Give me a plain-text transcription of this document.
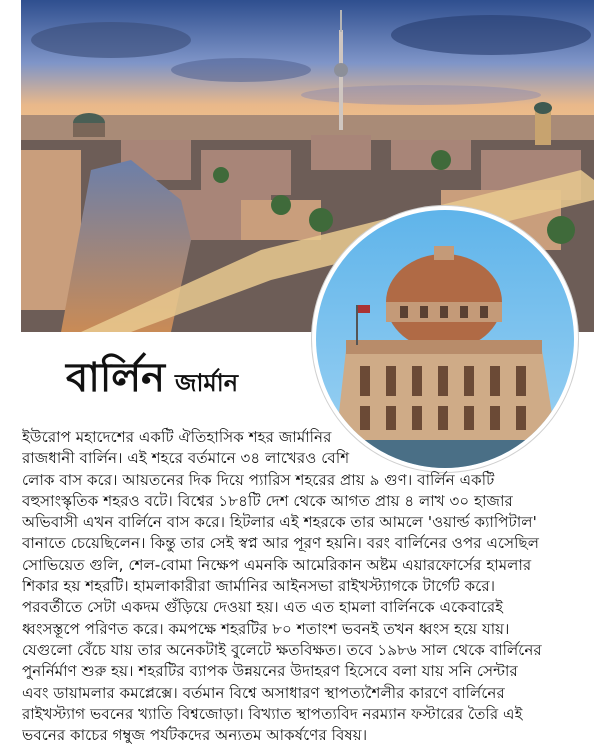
বার্লিন জার্মান
ইউরোপ মহাদেশের একটি ঐতিহাসিক শহর জার্মানির
রাজধানী বার্লিন। এই শহরে বর্তমানে ৩৪ লাখেরও বেশি
লোক বাস করে। আয়তনের দিক দিয়ে প্যারিস শহরের প্রায় ৯ গুণ। বার্লিন একটি
বহুসাংস্কৃতিক শহরও বটে। বিশ্বের ১৮৪টি দেশ থেকে আগত প্রায় ৪ লাখ ৩০ হাজার
অভিবাসী এখন বার্লিনে বাস করে। হিটলার এই শহরকে তার আমলে 'ওয়ার্ল্ড ক্যাপিটাল'
বানাতে চেয়েছিলেন। কিন্তু তার সেই স্বপ্ন আর পূরণ হয়নি। বরং বার্লিনের ওপর এসেছিল
সোভিয়েত গুলি, শেল-বোমা নিক্ষেপ এমনকি আমেরিকান অষ্টম এয়ারফোর্সের হামলার
শিকার হয় শহরটি। হামলাকারীরা জার্মানির আইনসভা রাইখস্ট্যাগকে টার্গেট করে।
পরবর্তীতে সেটা একদম গুঁড়িয়ে দেওয়া হয়। এত এত হামলা বার্লিনকে একেবারেই
ধ্বংসস্তূপে পরিণত করে। কমপক্ষে শহরটির ৮০ শতাংশ ভবনই তখন ধ্বংস হয়ে যায়।
যেগুলো বেঁচে যায় তার অনেকটাই বুলেটে ক্ষতবিক্ষত। তবে ১৯৮৬ সাল থেকে বার্লিনের
পুনর্নির্মাণ শুরু হয়। শহরটির ব্যাপক উন্নয়নের উদাহরণ হিসেবে বলা যায় সনি সেন্টার
এবং ডায়ামলার কমপ্লেক্সে। বর্তমান বিশ্বে অসাধারণ স্থাপত্যশৈলীর কারণে বার্লিনের
রাইখস্ট্যাগ ভবনের খ্যাতি বিশ্বজোড়া। বিখ্যাত স্থাপত্যবিদ নরম্যান ফস্টারের তৈরি এই
ভবনের কাচের গম্বুজ পর্যটকদের অন্যতম আকর্ষণের বিষয়।
